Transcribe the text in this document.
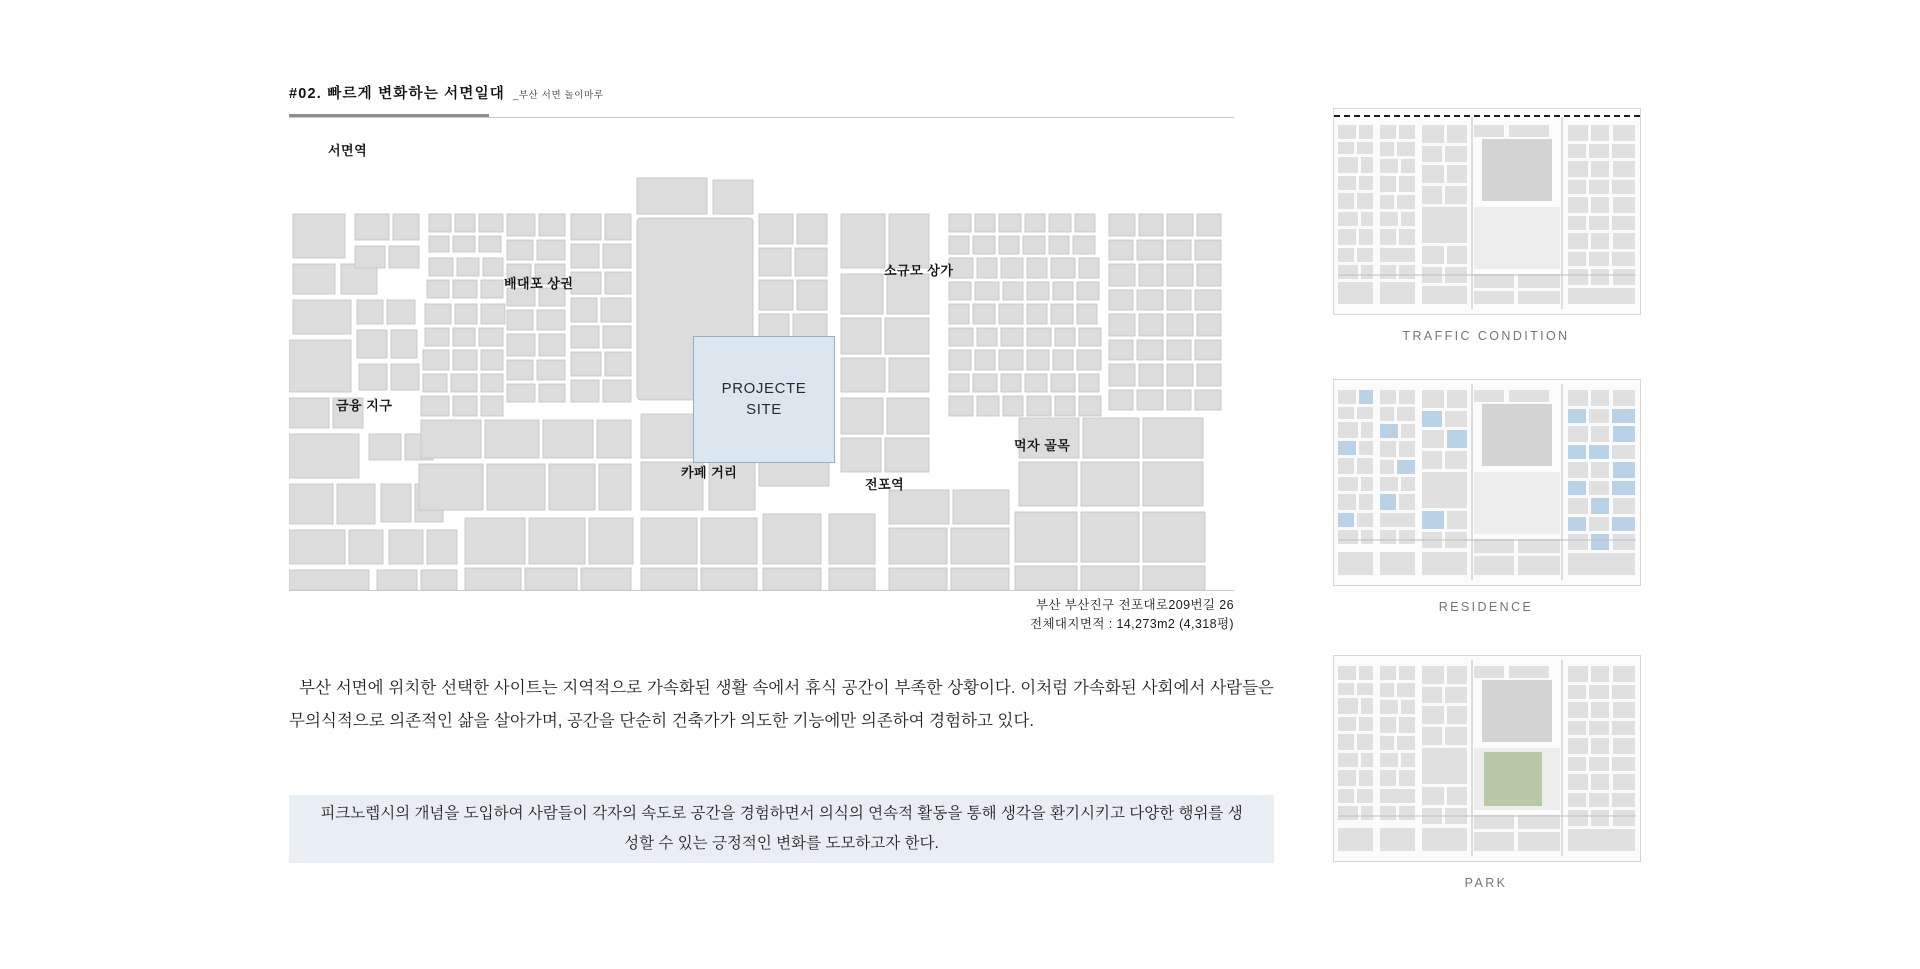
#02. 빠르게 변화하는 서면일대 _부산 서면 놀이마루
PROJECTE
SITE
서면역
배대포 상권
소규모 상가
금융 지구
카페 거리
먹자 골목
전포역
부산 부산진구 전포대로209번길 26
전체대지면적 : 14,273m2 (4,318평)

부산 서면에 위치한 선택한 사이트는 지역적으로 가속화된 생활 속에서 휴식 공간이 부족한 상황이다. 이처럼 가속화된 사회에서 사람들은 무의식적으로 의존적인 삶을 살아가며, 공간을 단순히 건축가가 의도한 기능에만 의존하여 경험하고 있다.

피크노렙시의 개념을 도입하여 사람들이 각자의 속도로 공간을 경험하면서 의식의 연속적 활동을 통해 생각을 환기시키고 다양한 행위를 생성할 수 있는 긍정적인 변화를 도모하고자 한다.
TRAFFIC CONDITION
RESIDENCE
PARK
